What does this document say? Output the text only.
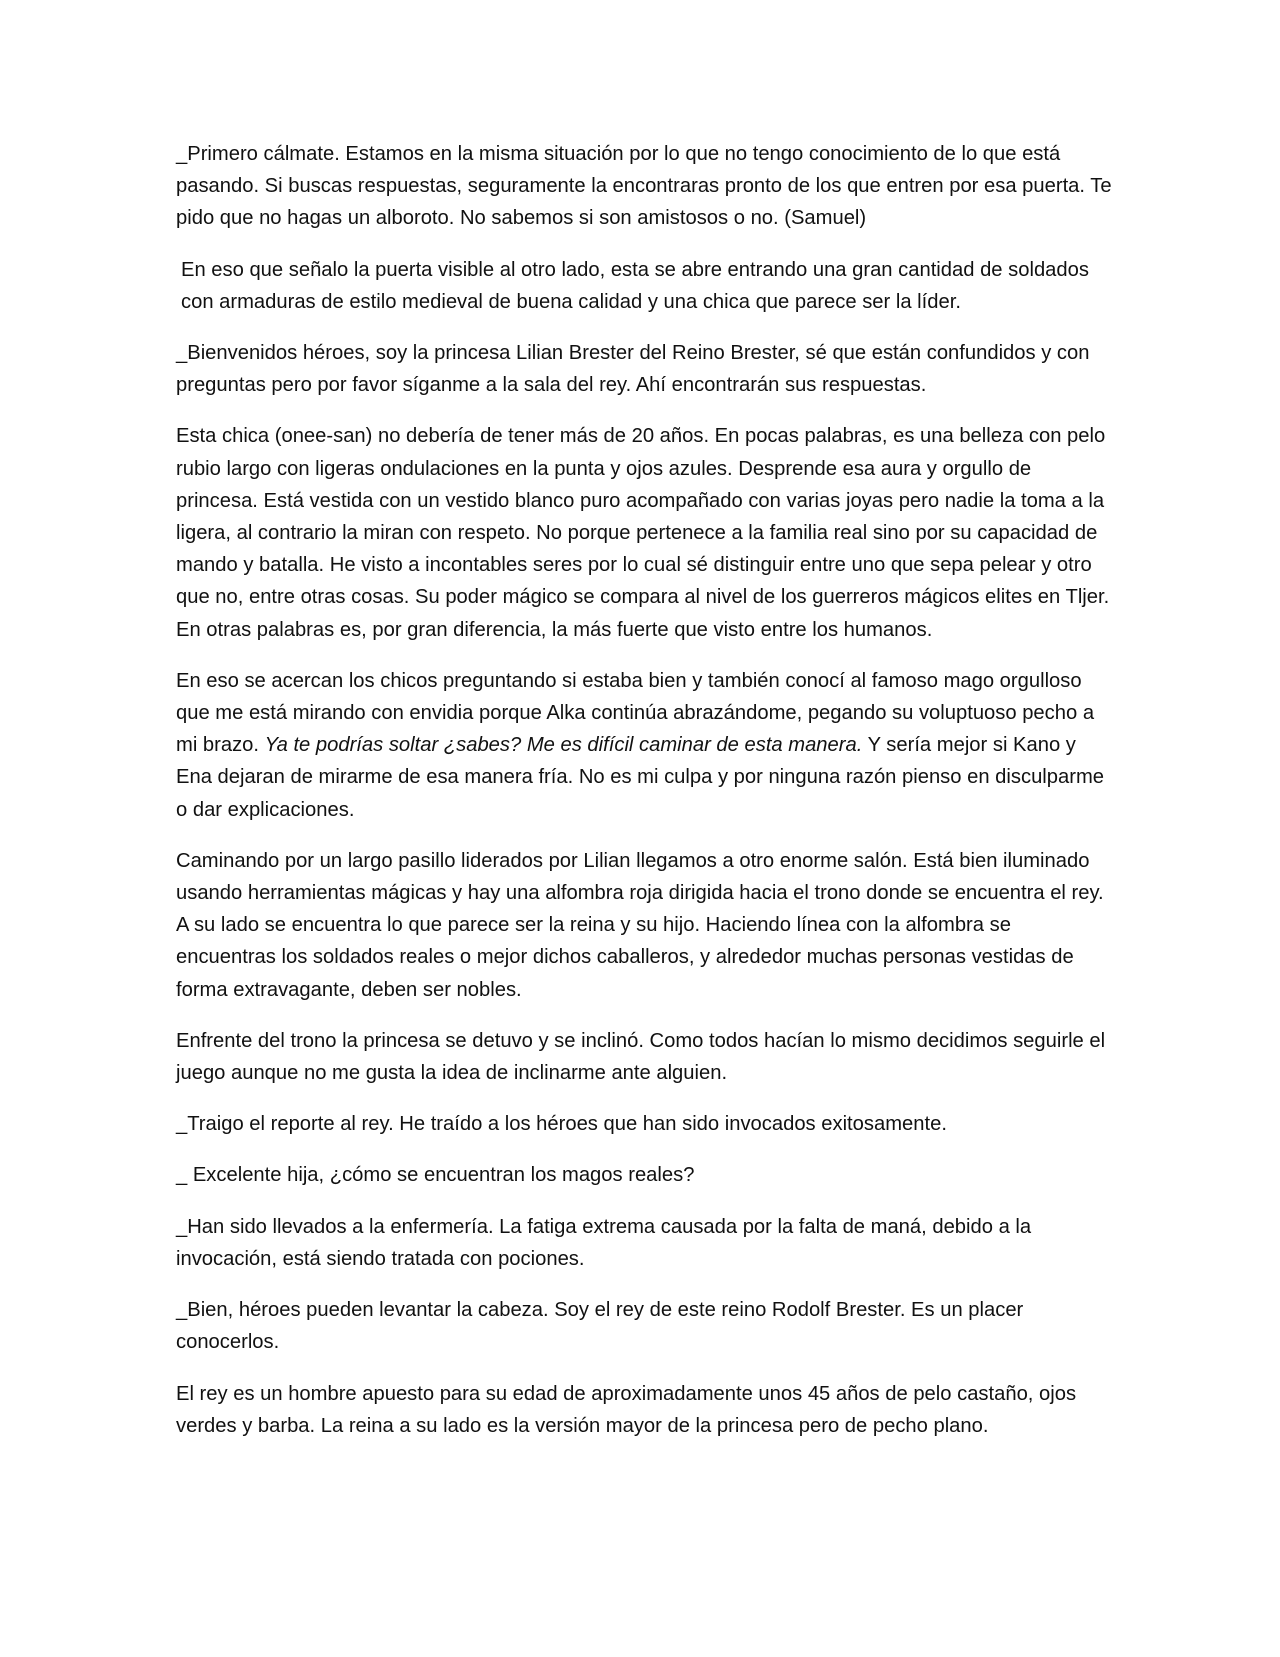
_Primero cálmate. Estamos en la misma situación por lo que no tengo conocimiento de lo que está pasando. Si buscas respuestas, seguramente la encontraras pronto de los que entren por esa puerta. Te pido que no hagas un alboroto. No sabemos si son amistosos o no. (Samuel)

En eso que señalo la puerta visible al otro lado, esta se abre entrando una gran cantidad de soldados con armaduras de estilo medieval de buena calidad y una chica que parece ser la líder.

_Bienvenidos héroes, soy la princesa Lilian Brester del Reino Brester, sé que están confundidos y con preguntas pero por favor síganme a la sala del rey. Ahí encontrarán sus respuestas.

Esta chica (onee-san) no debería de tener más de 20 años. En pocas palabras, es una belleza con pelo rubio largo con ligeras ondulaciones en la punta y ojos azules. Desprende esa aura y orgullo de princesa. Está vestida con un vestido blanco puro acompañado con varias joyas pero nadie la toma a la ligera, al contrario la miran con respeto. No porque pertenece a la familia real sino por su capacidad de mando y batalla. He visto a incontables seres por lo cual sé distinguir entre uno que sepa pelear y otro que no, entre otras cosas. Su poder mágico se compara al nivel de los guerreros mágicos elites en Tljer. En otras palabras es, por gran diferencia, la más fuerte que visto entre los humanos.

En eso se acercan los chicos preguntando si estaba bien y también conocí al famoso mago orgulloso que me está mirando con envidia porque Alka continúa abrazándome, pegando su voluptuoso pecho a mi brazo. Ya te podrías soltar ¿sabes? Me es difícil caminar de esta manera. Y sería mejor si Kano y Ena dejaran de mirarme de esa manera fría. No es mi culpa y por ninguna razón pienso en disculparme o dar explicaciones.

Caminando por un largo pasillo liderados por Lilian llegamos a otro enorme salón. Está bien iluminado usando herramientas mágicas y hay una alfombra roja dirigida hacia el trono donde se encuentra el rey. A su lado se encuentra lo que parece ser la reina y su hijo. Haciendo línea con la alfombra se encuentras los soldados reales o mejor dichos caballeros, y alrededor muchas personas vestidas de forma extravagante, deben ser nobles.

Enfrente del trono la princesa se detuvo y se inclinó. Como todos hacían lo mismo decidimos seguirle el juego aunque no me gusta la idea de inclinarme ante alguien.

_Traigo el reporte al rey. He traído a los héroes que han sido invocados exitosamente.

_ Excelente hija, ¿cómo se encuentran los magos reales?

_Han sido llevados a la enfermería. La fatiga extrema causada por la falta de maná, debido a la invocación, está siendo tratada con pociones.

_Bien, héroes pueden levantar la cabeza. Soy el rey de este reino Rodolf Brester. Es un placer conocerlos.

El rey es un hombre apuesto para su edad de aproximadamente unos 45 años de pelo castaño, ojos verdes y barba. La reina a su lado es la versión mayor de la princesa pero de pecho plano.
